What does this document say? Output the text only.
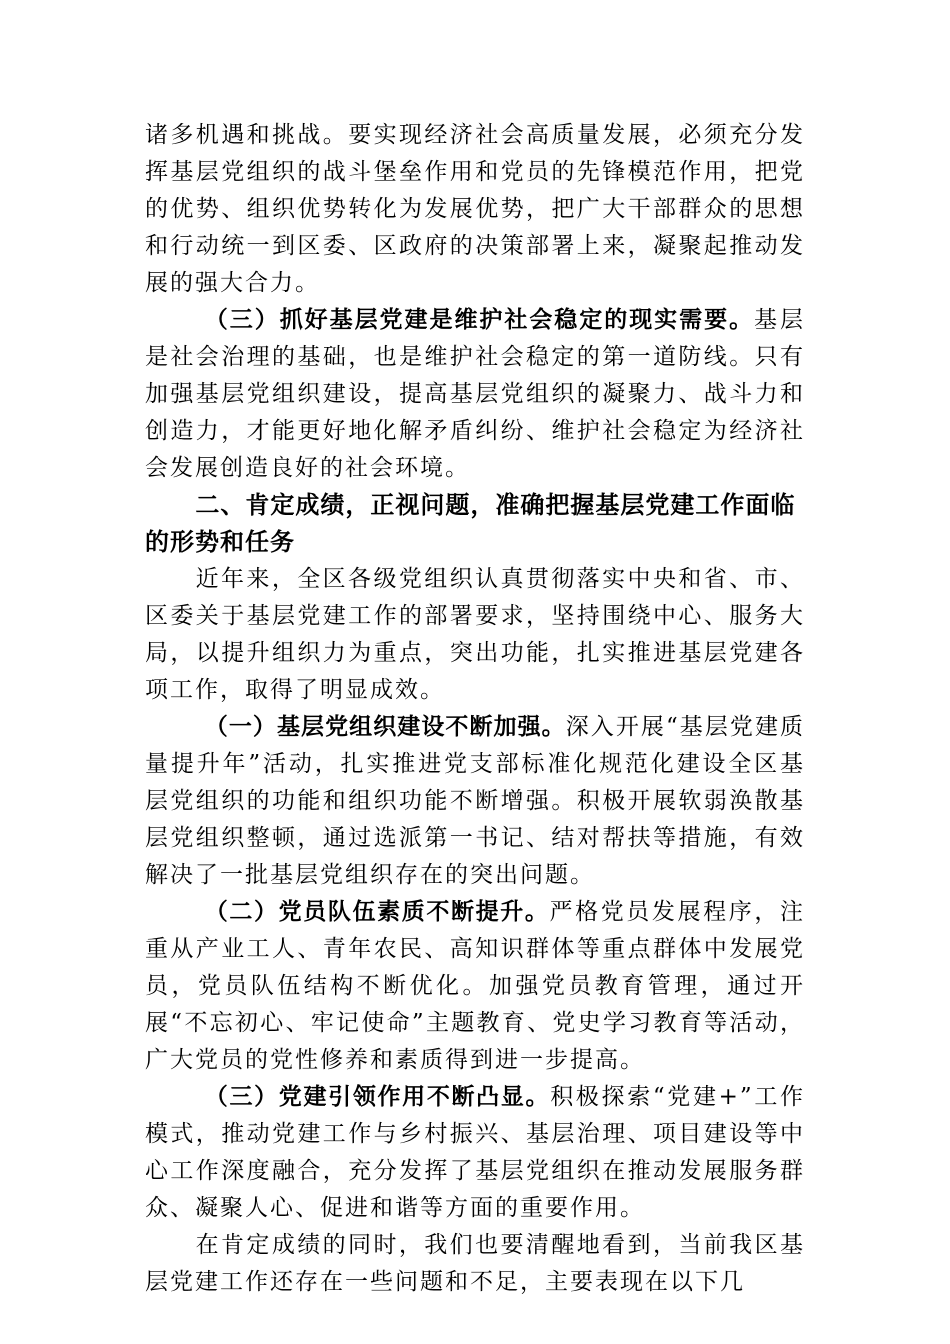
诸多机遇和挑战。要实现经济社会高质量发展，必须充分发挥基层党组织的战斗堡垒作用和党员的先锋模范作用，把党的优势、组织优势转化为发展优势，把广大干部群众的思想和行动统一到区委、区政府的决策部署上来，凝聚起推动发展的强大合力。

（三）抓好基层党建是维护社会稳定的现实需要。基层是社会治理的基础，也是维护社会稳定的第一道防线。只有加强基层党组织建设，提高基层党组织的凝聚力、战斗力和创造力，才能更好地化解矛盾纠纷、维护社会稳定为经济社会发展创造良好的社会环境。

二、肯定成绩，正视问题，准确把握基层党建工作面临的形势和任务

近年来，全区各级党组织认真贯彻落实中央和省、市、区委关于基层党建工作的部署要求，坚持围绕中心、服务大局，以提升组织力为重点，突出功能，扎实推进基层党建各项工作，取得了明显成效。

（一）基层党组织建设不断加强。深入开展“基层党建质量提升年”活动，扎实推进党支部标准化规范化建设全区基层党组织的功能和组织功能不断增强。积极开展软弱涣散基层党组织整顿，通过选派第一书记、结对帮扶等措施，有效解决了一批基层党组织存在的突出问题。

（二）党员队伍素质不断提升。严格党员发展程序，注重从产业工人、青年农民、高知识群体等重点群体中发展党员，党员队伍结构不断优化。加强党员教育管理，通过开展“不忘初心、牢记使命”主题教育、党史学习教育等活动，广大党员的党性修养和素质得到进一步提高。

（三）党建引领作用不断凸显。积极探索“党建+”工作模式，推动党建工作与乡村振兴、基层治理、项目建设等中心工作深度融合，充分发挥了基层党组织在推动发展服务群众、凝聚人心、促进和谐等方面的重要作用。

在肯定成绩的同时，我们也要清醒地看到，当前我区基层党建工作还存在一些问题和不足，主要表现在以下几
